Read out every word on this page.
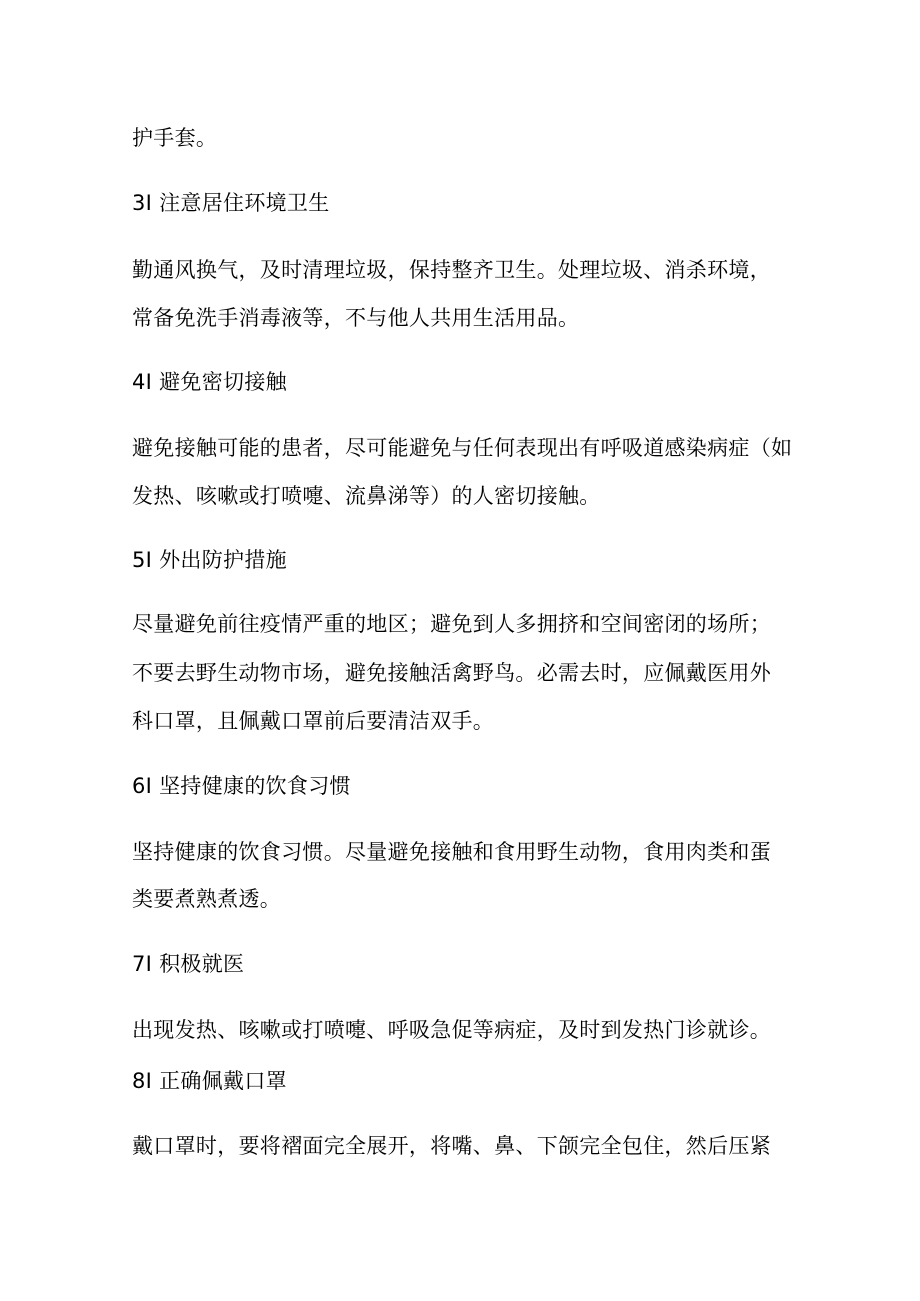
护手套。

3I 注意居住环境卫生

勤通风换气，及时清理垃圾，保持整齐卫生。处理垃圾、消杀环境，

常备免洗手消毒液等，不与他人共用生活用品。

4I 避免密切接触

避免接触可能的患者，尽可能避免与任何表现出有呼吸道感染病症（如

发热、咳嗽或打喷嚏、流鼻涕等）的人密切接触。

5I 外出防护措施

尽量避免前往疫情严重的地区；避免到人多拥挤和空间密闭的场所；

不要去野生动物市场，避免接触活禽野鸟。必需去时，应佩戴医用外

科口罩，且佩戴口罩前后要清洁双手。

6I 坚持健康的饮食习惯

坚持健康的饮食习惯。尽量避免接触和食用野生动物，食用肉类和蛋

类要煮熟煮透。

7I 积极就医

出现发热、咳嗽或打喷嚏、呼吸急促等病症，及时到发热门诊就诊。

8I 正确佩戴口罩

戴口罩时，要将褶面完全展开，将嘴、鼻、下颌完全包住，然后压紧
